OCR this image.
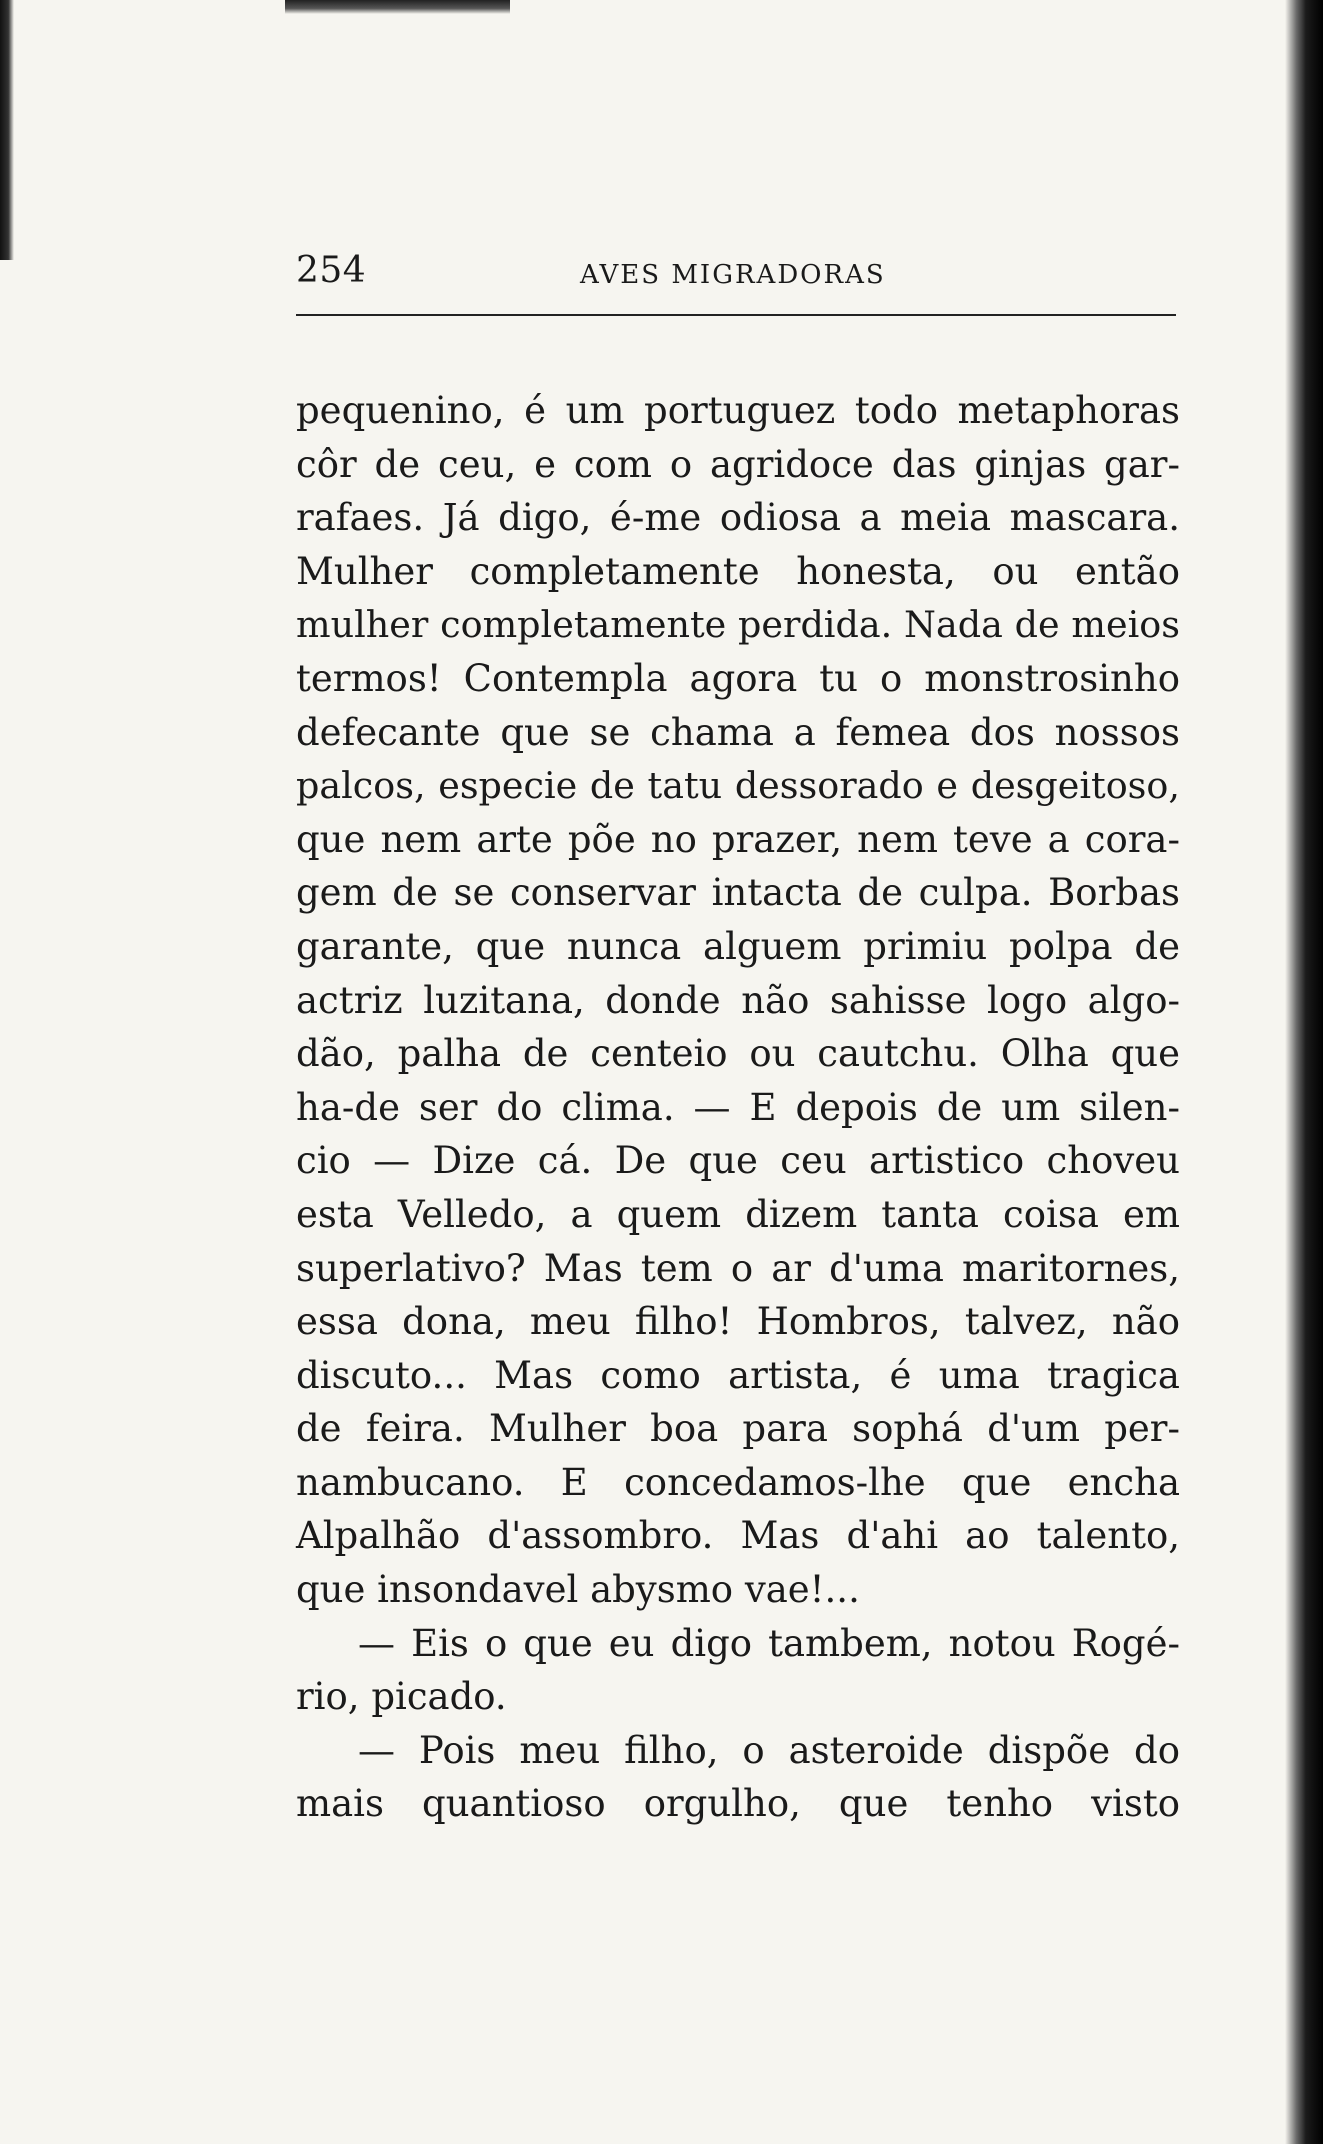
254	AVES MIGRADORAS
pequenino, é um portuguez todo metaphoras
côr de ceu, e com o agridoce das ginjas gar-
rafaes. Já digo, é-me odiosa a meia mascara.
Mulher completamente honesta, ou então
mulher completamente perdida. Nada de meios
termos! Contempla agora tu o monstrosinho
defecante que se chama a femea dos nossos
palcos, especie de tatu dessorado e desgeitoso,
que nem arte põe no prazer, nem teve a cora-
gem de se conservar intacta de culpa. Borbas
garante, que nunca alguem primiu polpa de
actriz luzitana, donde não sahisse logo algo-
dão, palha de centeio ou cautchu. Olha que
ha-de ser do clima. — E depois de um silen-
cio — Dize cá. De que ceu artistico choveu
esta Velledo, a quem dizem tanta coisa em
superlativo? Mas tem o ar d'uma maritornes,
essa dona, meu filho! Hombros, talvez, não
discuto... Mas como artista, é uma tragica
de feira. Mulher boa para sophá d'um per-
nambucano. E concedamos-lhe que encha
Alpalhão d'assombro. Mas d'ahi ao talento,
que insondavel abysmo vae!...
— Eis o que eu digo tambem, notou Rogé-
rio, picado.
— Pois meu filho, o asteroide dispõe do
mais quantioso orgulho, que tenho visto
